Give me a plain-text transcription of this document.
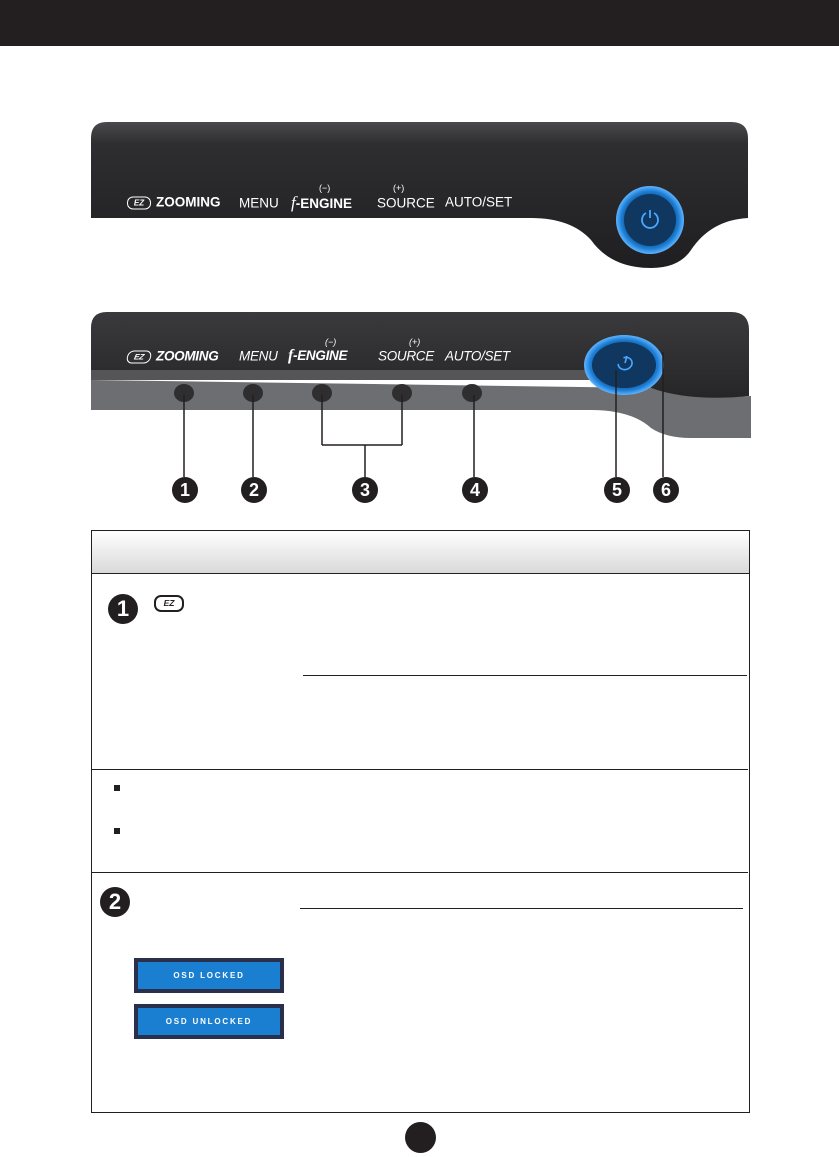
EZ ZOOMING MENU
(−)
f-ENGINE
(+)
SOURCE AUTO/SET
EZ ZOOMING MENU
(−)
f-ENGINE
(+)
SOURCE AUTO/SET
1	2	3	4	5	6
1	EZ
2
OSD LOCKED
OSD UNLOCKED
